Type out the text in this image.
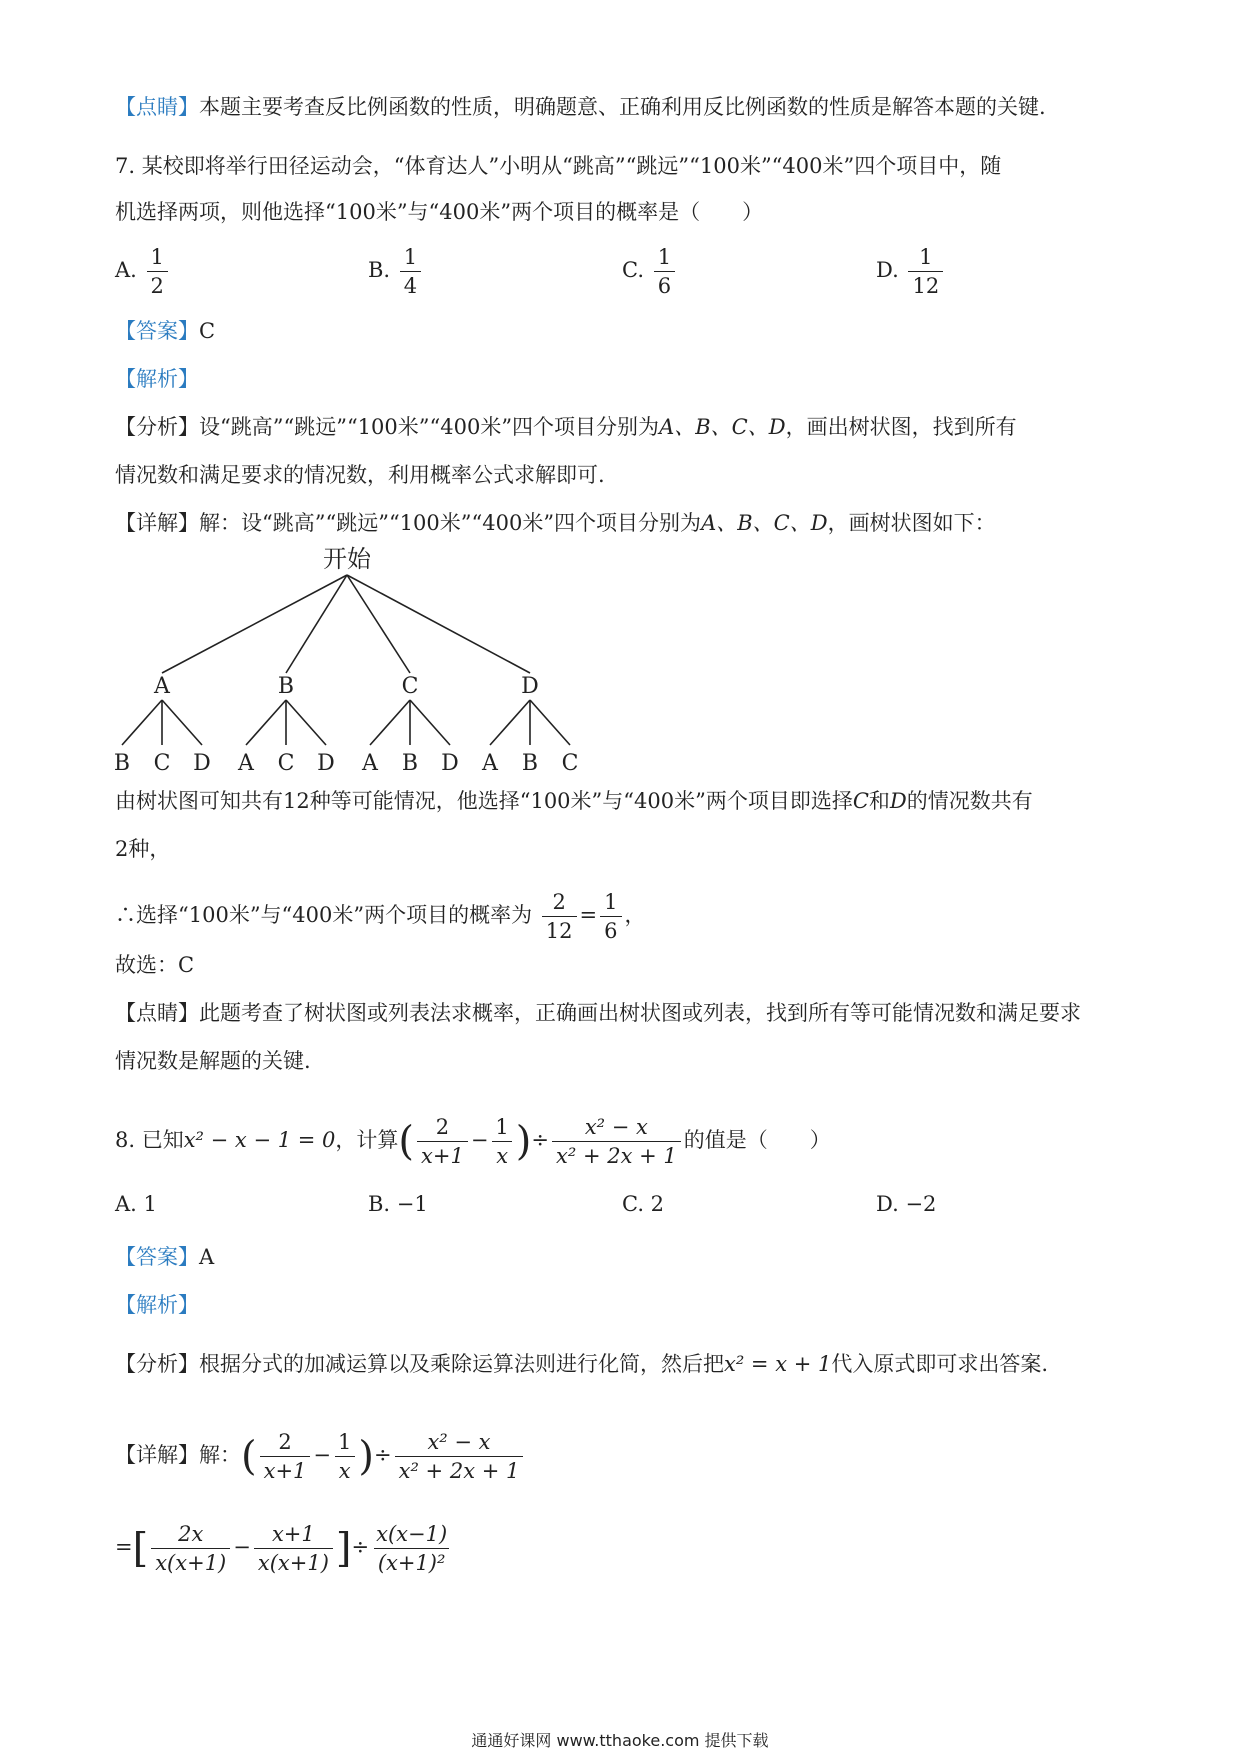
【点睛】本题主要考查反比例函数的性质，明确题意、正确利用反比例函数的性质是解答本题的关键.
7. 某校即将举行田径运动会，“体育达人”小明从“跳高”“跳远”“100米”“400米”四个项目中，随
机选择两项，则他选择“100米”与“400米”两个项目的概率是（　　）
A. $\frac{1}{2}$	B. $\frac{1}{4}$	C. $\frac{1}{6}$	D. $\frac{1}{12}$
【答案】C
【解析】
【分析】设“跳高”“跳远”“100米”“400米”四个项目分别为A、B、C、D，画出树状图，找到所有
情况数和满足要求的情况数，利用概率公式求解即可.
【详解】解：设“跳高”“跳远”“100米”“400米”四个项目分别为A、B、C、D，画树状图如下：
开始
A
B C D
B
A C D
C
A B D
D
A B C
由树状图可知共有12种等可能情况，他选择“100米”与“400米”两个项目即选择C和D的情况数共有
2种，
∴选择“100米”与“400米”两个项目的概率为 $\frac{2}{12} = \frac{1}{6}$ ，
故选：C
【点睛】此题考查了树状图或列表法求概率，正确画出树状图或列表，找到所有等可能情况数和满足要求
情况数是解题的关键.
8. 已知x² − x − 1 = 0，计算( $\frac{2}{x+1} - \frac{1}{x}$ )÷ $\frac{\text{x² − x}}{\text{x² + 2x + 1}}$ 的值是（　　）
A. 1	B. −1	C. 2	D. −2
【答案】A
【解析】
【分析】根据分式的加减运算以及乘除运算法则进行化简，然后把x² = x + 1代入原式即可求出答案.
【详解】解：( $\frac{2}{x+1} - \frac{1}{x}$ )÷ $\frac{\text{x² − x}}{\text{x² + 2x + 1}}$
=[ $\frac{2x}{x(x+1)} - \frac{x+1}{x(x+1)}$ ]÷ $\frac{x(x-1)}{\text{(x+1)²}}$
通通好课网 www.tthaoke.com 提供下载
